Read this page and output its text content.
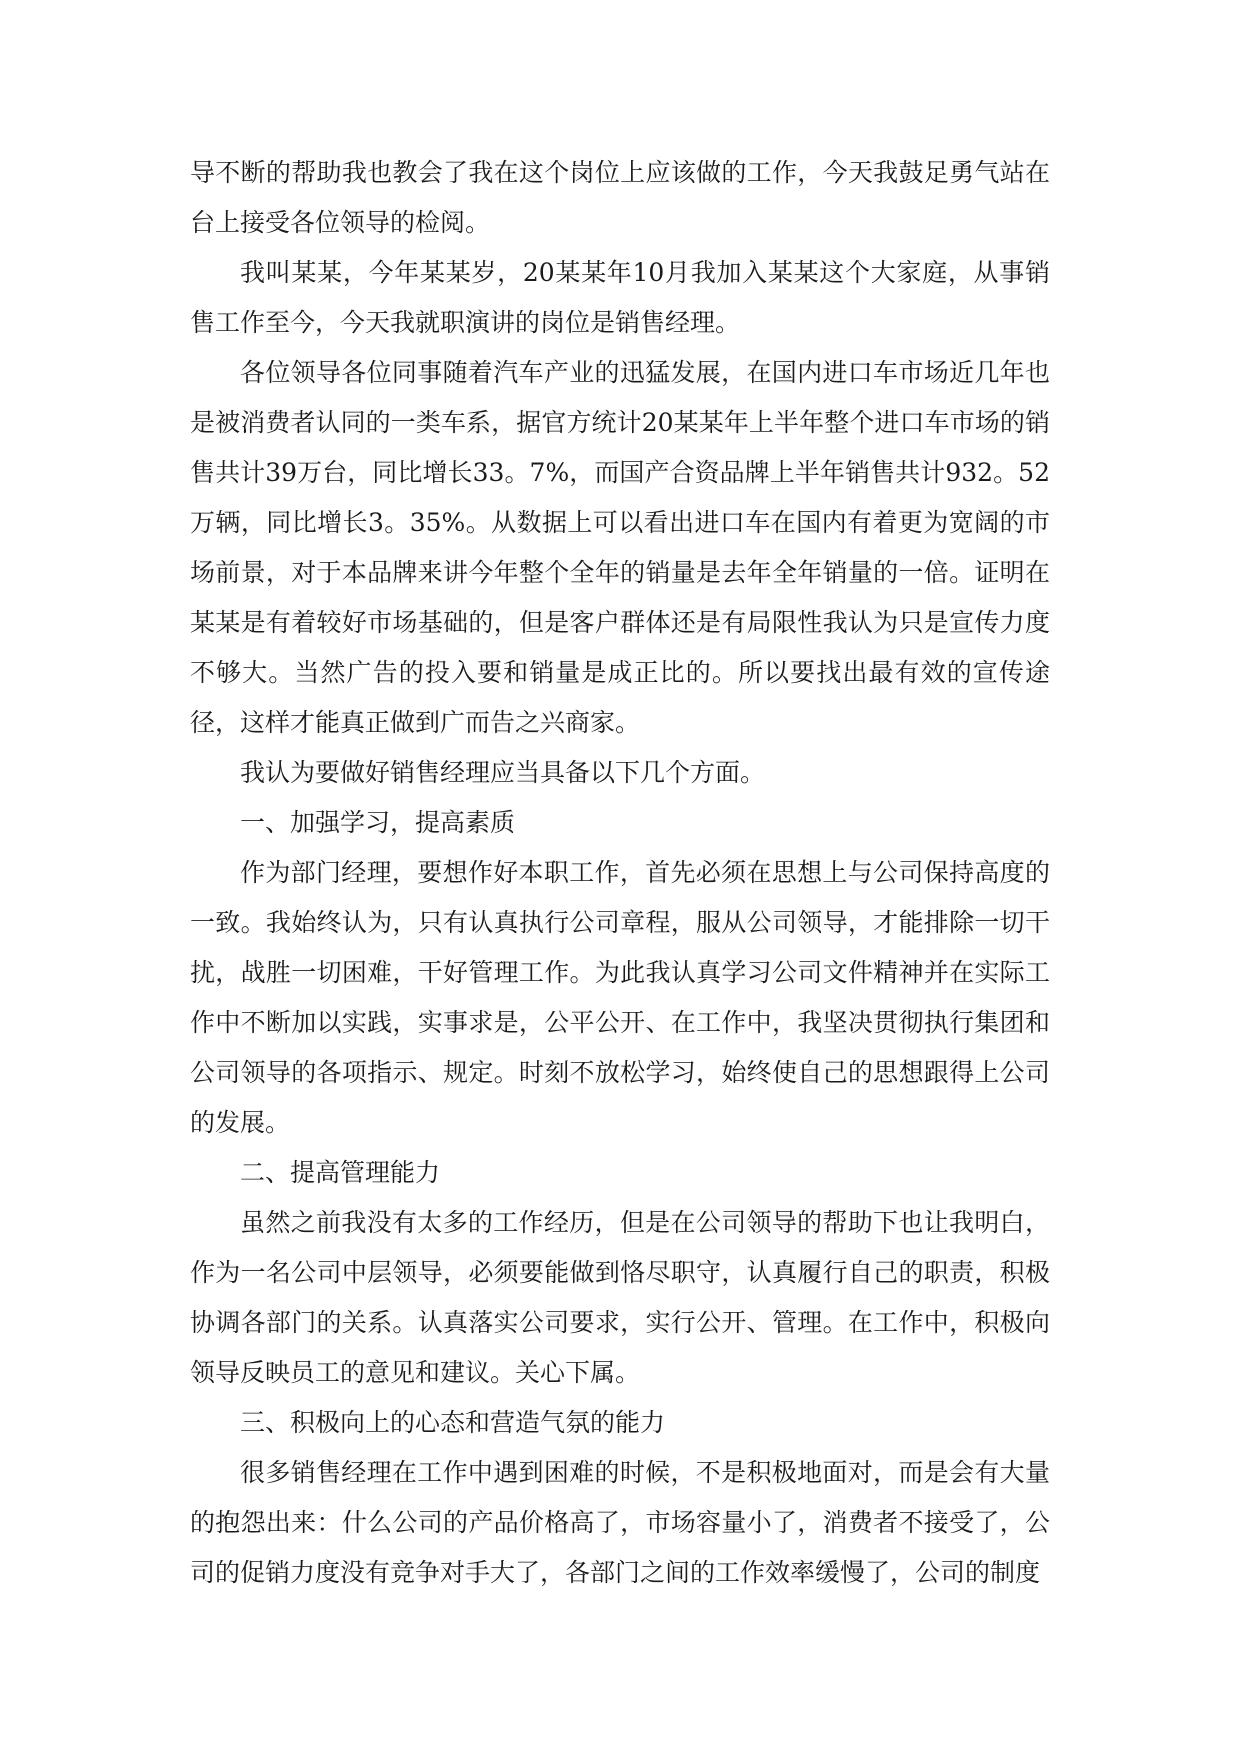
导不断的帮助我也教会了我在这个岗位上应该做的工作，今天我鼓足勇气站在台上接受各位领导的检阅。

我叫某某，今年某某岁，20某某年10月我加入某某这个大家庭，从事销售工作至今，今天我就职演讲的岗位是销售经理。

各位领导各位同事随着汽车产业的迅猛发展，在国内进口车市场近几年也是被消费者认同的一类车系，据官方统计20某某年上半年整个进口车市场的销售共计39万台，同比增长33。7%，而国产合资品牌上半年销售共计932。52万辆，同比增长3。35%。从数据上可以看出进口车在国内有着更为宽阔的市场前景，对于本品牌来讲今年整个全年的销量是去年全年销量的一倍。证明在某某是有着较好市场基础的，但是客户群体还是有局限性我认为只是宣传力度不够大。当然广告的投入要和销量是成正比的。所以要找出最有效的宣传途径，这样才能真正做到广而告之兴商家。

我认为要做好销售经理应当具备以下几个方面。

一、加强学习，提高素质

作为部门经理，要想作好本职工作，首先必须在思想上与公司保持高度的一致。我始终认为，只有认真执行公司章程，服从公司领导，才能排除一切干扰，战胜一切困难，干好管理工作。为此我认真学习公司文件精神并在实际工作中不断加以实践，实事求是，公平公开、在工作中，我坚决贯彻执行集团和公司领导的各项指示、规定。时刻不放松学习，始终使自己的思想跟得上公司的发展。

二、提高管理能力

虽然之前我没有太多的工作经历，但是在公司领导的帮助下也让我明白，作为一名公司中层领导，必须要能做到恪尽职守，认真履行自己的职责，积极协调各部门的关系。认真落实公司要求，实行公开、管理。在工作中，积极向领导反映员工的意见和建议。关心下属。

三、积极向上的心态和营造气氛的能力

很多销售经理在工作中遇到困难的时候，不是积极地面对，而是会有大量的抱怨出来：什么公司的产品价格高了，市场容量小了，消费者不接受了，公司的促销力度没有竞争对手大了，各部门之间的工作效率缓慢了，公司的制度
